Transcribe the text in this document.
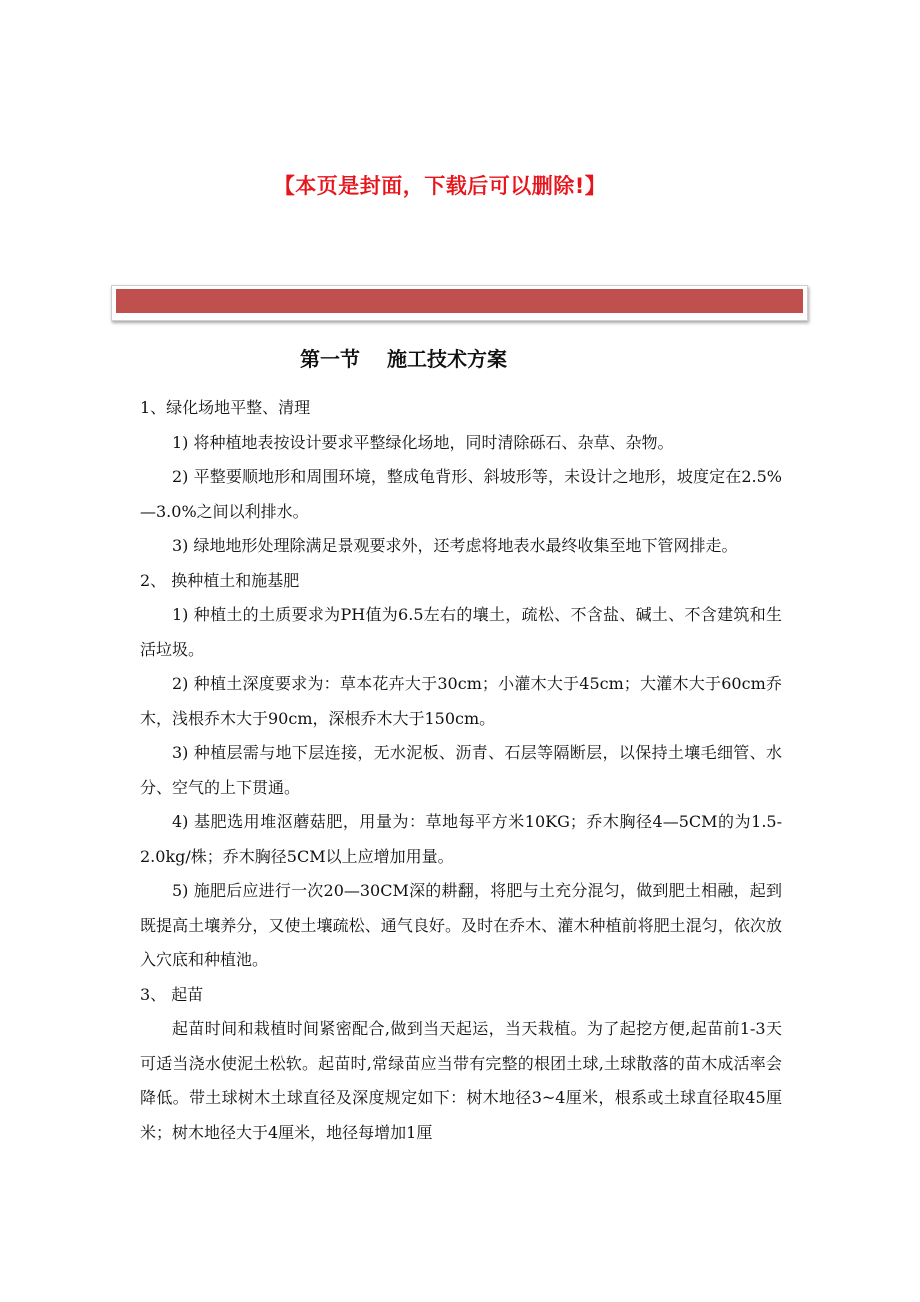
【本页是封面，下载后可以删除!】
第一节　 施工技术方案

1、绿化场地平整、清理

1) 将种植地表按设计要求平整绿化场地，同时清除砾石、杂草、杂物。

2) 平整要顺地形和周围环境，整成龟背形、斜坡形等，未设计之地形，坡度定在2.5%—3.0%之间以利排水。

3) 绿地地形处理除满足景观要求外，还考虑将地表水最终收集至地下管网排走。

2、 换种植土和施基肥

1) 种植土的土质要求为PH值为6.5左右的壤土，疏松、不含盐、碱土、不含建筑和生活垃圾。

2) 种植土深度要求为：草本花卉大于30cm；小灌木大于45cm；大灌木大于60cm乔木，浅根乔木大于90cm，深根乔木大于150cm。

3) 种植层需与地下层连接，无水泥板、沥青、石层等隔断层，以保持土壤毛细管、水分、空气的上下贯通。

4) 基肥选用堆沤蘑菇肥，用量为：草地每平方米10KG；乔木胸径4—5CM的为1.5-2.0kg/株；乔木胸径5CM以上应增加用量。

5) 施肥后应进行一次20—30CM深的耕翻，将肥与土充分混匀，做到肥土相融，起到既提高土壤养分，又使土壤疏松、通气良好。及时在乔木、灌木种植前将肥土混匀，依次放入穴底和种植池。

3、 起苗

起苗时间和栽植时间紧密配合,做到当天起运，当天栽植。为了起挖方便,起苗前1-3天可适当浇水使泥土松软。起苗时,常绿苗应当带有完整的根团土球,土球散落的苗木成活率会降低。带土球树木土球直径及深度规定如下：树木地径3~4厘米，根系或土球直径取45厘米；树木地径大于4厘米，地径每增加1厘
